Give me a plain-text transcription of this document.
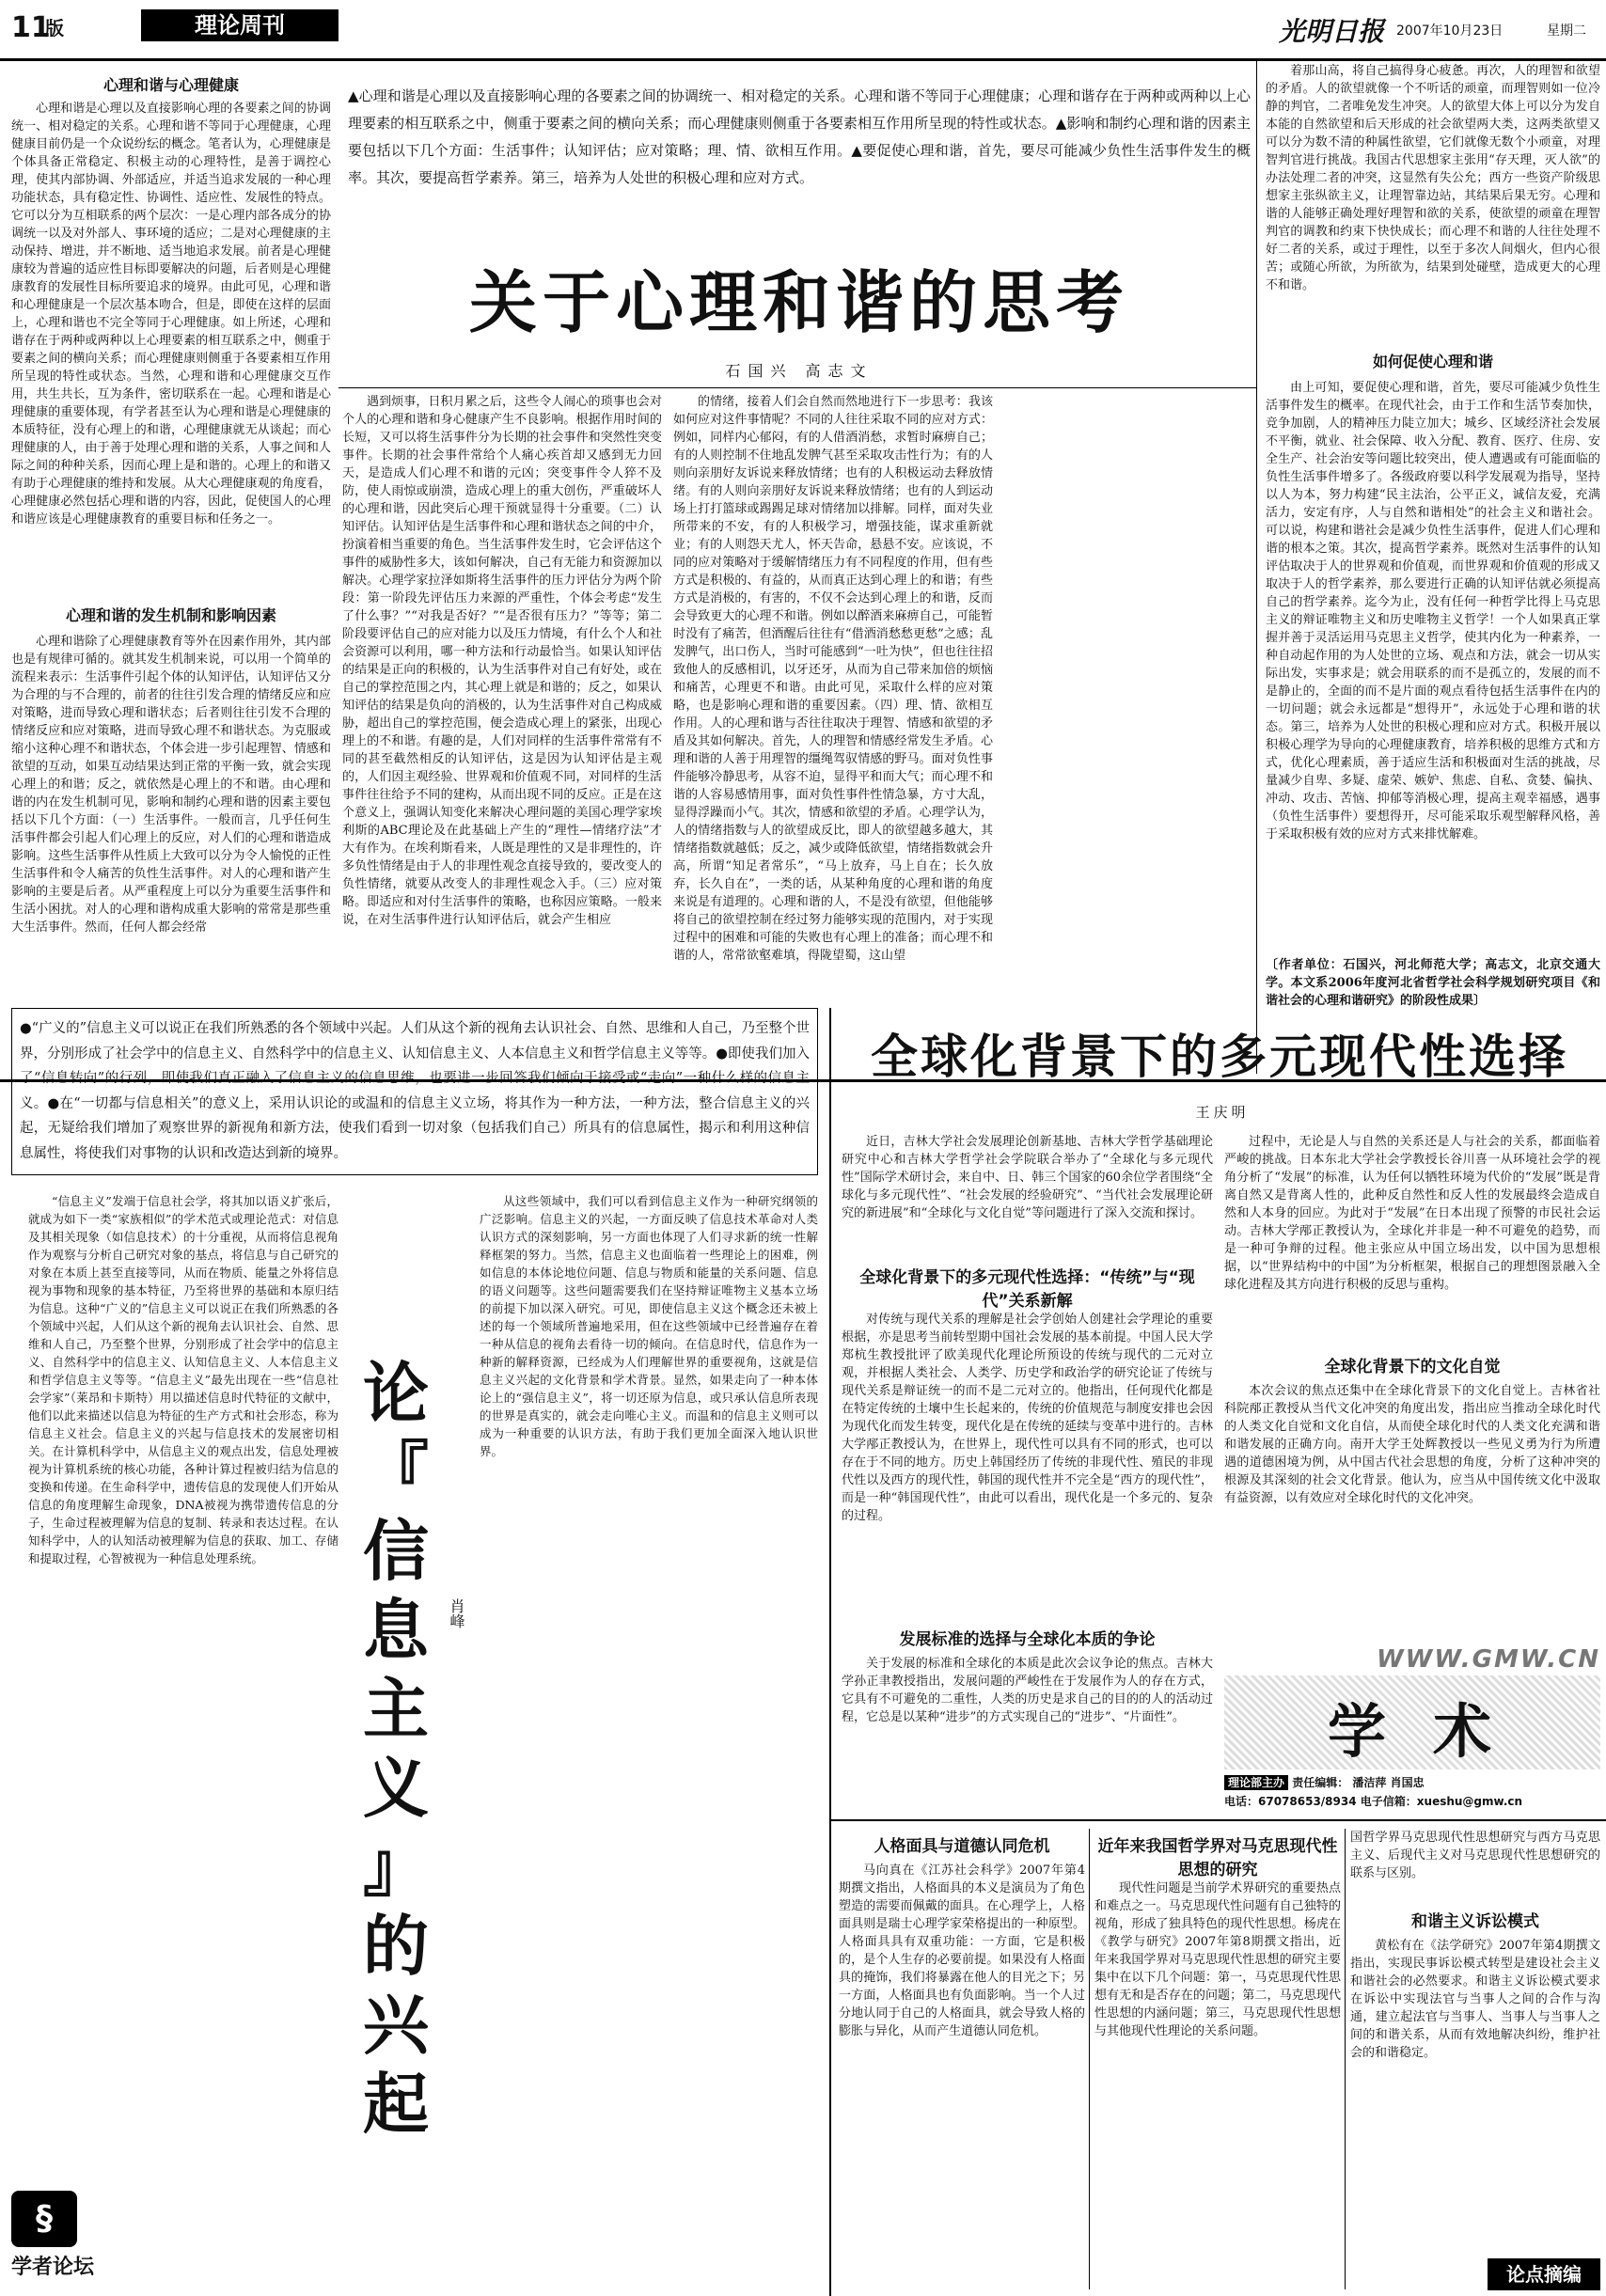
11
版	理论周刊	光明日报 2007年10月23日	星期二
心理和谐与心理健康
▲心理和谐是心理以及直接影响心理的各要素之间的协调统一、相对稳定的关系。心理和谐不等同于心理健康；心理和谐存在于两种或两种以上心理要素的相互联系之中，侧重于要素之间的横向关系；而心理健康则侧重于各要素相互作用所呈现的特性或状态。▲影响和制约心理和谐的因素主要包括以下几个方面：生活事件；认知评估；应对策略；理、情、欲相互作用。▲要促使心理和谐，首先，要尽可能减少负性生活事件发生的概率。其次，要提高哲学素养。第三，培养为人处世的积极心理和应对方式。
关于心理和谐的思考
石国兴 高志文

心理和谐是心理以及直接影响心理的各要素之间的协调统一、相对稳定的关系。心理和谐不等同于心理健康，心理健康目前仍是一个众说纷纭的概念。笔者认为，心理健康是个体具备正常稳定、积极主动的心理特性，是善于调控心理，使其内部协调、外部适应，并适当追求发展的一种心理功能状态，具有稳定性、协调性、适应性、发展性的特点。它可以分为互相联系的两个层次：一是心理内部各成分的协调统一以及对外部人、事环境的适应；二是对心理健康的主动保持、增进，并不断地、适当地追求发展。前者是心理健康较为普遍的适应性目标即要解决的问题，后者则是心理健康教育的发展性目标所要追求的境界。由此可见，心理和谐和心理健康是一个层次基本吻合，但是，即使在这样的层面上，心理和谐也不完全等同于心理健康。如上所述，心理和谐存在于两种或两种以上心理要素的相互联系之中，侧重于要素之间的横向关系；而心理健康则侧重于各要素相互作用所呈现的特性或状态。当然，心理和谐和心理健康交互作用，共生共长，互为条件，密切联系在一起。心理和谐是心理健康的重要体现，有学者甚至认为心理和谐是心理健康的本质特征，没有心理上的和谐，心理健康就无从谈起；而心理健康的人，由于善于处理心理和谐的关系，人事之间和人际之间的种种关系，因而心理上是和谐的。心理上的和谐又有助于心理健康的维持和发展。从大心理健康观的角度看，心理健康必然包括心理和谐的内容，因此，促使国人的心理和谐应该是心理健康教育的重要目标和任务之一。

心理和谐的发生机制和影响因素

心理和谐除了心理健康教育等外在因素作用外，其内部也是有规律可循的。就其发生机制来说，可以用一个简单的流程来表示：生活事件引起个体的认知评估，认知评估又分为合理的与不合理的，前者的往往引发合理的情绪反应和应对策略，进而导致心理和谐状态；后者则往往引发不合理的情绪反应和应对策略，进而导致心理不和谐状态。为克服或缩小这种心理不和谐状态，个体会进一步引起理智、情感和欲望的互动，如果互动结果达到正常的平衡一致，就会实现心理上的和谐；反之，就依然是心理上的不和谐。由心理和谐的内在发生机制可见，影响和制约心理和谐的因素主要包括以下几个方面：（一）生活事件。一般而言，几乎任何生活事件都会引起人们心理上的反应，对人们的心理和谐造成影响。这些生活事件从性质上大致可以分为令人愉悦的正性生活事件和令人痛苦的负性生活事件。对人的心理和谐产生影响的主要是后者。从严重程度上可以分为重要生活事件和生活小困扰。对人的心理和谐构成重大影响的常常是那些重大生活事件。然而，任何人都会经常

遇到烦事，日积月累之后，这些令人闹心的琐事也会对个人的心理和谐和身心健康产生不良影响。根据作用时间的长短，又可以将生活事件分为长期的社会事件和突然性突变事件。长期的社会事件常给个人痛心疾首却又感到无力回天，是造成人们心理不和谐的元凶；突变事件令人猝不及防，使人雨惊或崩溃，造成心理上的重大创伤，严重破坏人的心理和谐，因此突后心理干预就显得十分重要。（二）认知评估。认知评估是生活事件和心理和谐状态之间的中介，扮演着相当重要的角色。当生活事件发生时，它会评估这个事件的威胁性多大，该如何解决，自己有无能力和资源加以解决。心理学家拉泽如斯将生活事件的压力评估分为两个阶段：第一阶段先评估压力来源的严重性，个体会考虑“发生了什么事？”“对我是否好？”“是否很有压力？”等等；第二阶段要评估自己的应对能力以及压力情境，有什么个人和社会资源可以利用，哪一种方法和行动最恰当。如果认知评估的结果是正向的积极的，认为生活事件对自己有好处，或在自己的掌控范围之内，其心理上就是和谐的；反之，如果认知评估的结果是负向的消极的，认为生活事件对自己构成威胁，超出自己的掌控范围，便会造成心理上的紧张，出现心理上的不和谐。有趣的是，人们对同样的生活事件常常有不同的甚至截然相反的认知评估，这是因为认知评估是主观的，人们因主观经验、世界观和价值观不同，对同样的生活事件往往给予不同的建构，从而出现不同的反应。正是在这个意义上，强调认知变化来解决心理问题的美国心理学家埃利斯的ABC理论及在此基础上产生的“理性—情绪疗法”才大有作为。在埃利斯看来，人既是理性的又是非理性的，许多负性情绪是由于人的非理性观念直接导致的，要改变人的负性情绪，就要从改变人的非理性观念入手。（三）应对策略。即适应和对付生活事件的策略，也称因应策略。一般来说，在对生活事件进行认知评估后，就会产生相应
的情绪，接着人们会自然而然地进行下一步思考：我该如何应对这件事情呢？不同的人往往采取不同的应对方式：例如，同样内心郁闷，有的人借酒消愁，求暂时麻痹自己；有的人则控制不住地乱发脾气甚至采取攻击性行为；有的人则向亲朋好友诉说来释放情绪；也有的人积极运动去释放情绪。有的人则向亲朋好友诉说来释放情绪；也有的人到运动场上打打篮球或踢踢足球对情绪加以排解。同样，面对失业所带来的不安，有的人积极学习，增强技能，谋求重新就业；有的人则怨天尤人，怀天告命，悬悬不安。应该说，不同的应对策略对于缓解情绪压力有不同程度的作用，但有些方式是积极的、有益的，从而真正达到心理上的和谐；有些方式是消极的，有害的，不仅不会达到心理上的和谐，反而会导致更大的心理不和谐。例如以醉酒来麻痹自己，可能暂时没有了痛苦，但酒醒后往往有“借酒消愁愁更愁”之感；乱发脾气，出口伤人，当时可能感到“一吐为快”，但也往往招致他人的反感相讥，以牙还牙，从而为自己带来加倍的烦恼和痛苦，心理更不和谐。由此可见，采取什么样的应对策略，也是影响心理和谐的重要因素。（四）理、情、欲相互作用。人的心理和谐与否往往取决于理智、情感和欲望的矛盾及其如何解决。首先，人的理智和情感经常发生矛盾。心理和谐的人善于用理智的缰绳驾驭情感的野马。面对负性事件能够冷静思考，从容不迫，显得平和而大气；而心理不和谐的人容易感情用事，面对负性事件性情急暴，方寸大乱，显得浮躁而小气。其次，情感和欲望的矛盾。心理学认为，人的情绪指数与人的欲望成反比，即人的欲望越多越大，其情绪指数就越低；反之，减少或降低欲望，情绪指数就会升高，所谓“知足者常乐”，“马上放弃，马上自在；长久放弃，长久自在”，一类的话，从某种角度的心理和谐的角度来说是有道理的。心理和谐的人，不是没有欲望，但他能够将自己的欲望控制在经过努力能够实现的范围内，对于实现过程中的困难和可能的失败也有心理上的准备；而心理不和谐的人，常常欲壑难填，得陇望蜀，这山望

着那山高，将自己搞得身心疲惫。再次，人的理智和欲望的矛盾。人的欲望就像一个不听话的顽童，而理智则如一位冷静的判官，二者唯免发生冲突。人的欲望大体上可以分为发自本能的自然欲望和后天形成的社会欲望两大类，这两类欲望又可以分为数不清的种属性欲望，它们就像无数个小顽童，对理智判官进行挑战。我国古代思想家主张用“存天理，灭人欲”的办法处理二者的冲突，这显然有失公允；西方一些资产阶级思想家主张纵欲主义，让理智靠边站，其结果后果无穷。心理和谐的人能够正确处理好理智和欲的关系，使欲望的顽童在理智判官的调教和约束下快快成长；而心理不和谐的人往往处理不好二者的关系，或过于理性，以至于多次人间烟火，但内心很苦；或随心所欲，为所欲为，结果到处碰壁，造成更大的心理不和谐。

如何促使心理和谐

由上可知，要促使心理和谐，首先，要尽可能减少负性生活事件发生的概率。在现代社会，由于工作和生活节奏加快，竞争加剧，人的精神压力陡立加大；城乡、区域经济社会发展不平衡，就业、社会保障、收入分配、教育、医疗、住房、安全生产、社会治安等问题比较突出，使人遭遇或有可能面临的负性生活事件增多了。各级政府要以科学发展观为指导，坚持以人为本，努力构建“民主法治，公平正义，诚信友爱，充满活力，安定有序，人与自然和谐相处”的社会主义和谐社会。可以说，构建和谐社会是减少负性生活事件，促进人们心理和谐的根本之策。其次，提高哲学素养。既然对生活事件的认知评估取决于人的世界观和价值观，而世界观和价值观的形成又取决于人的哲学素养，那么要进行正确的认知评估就必须提高自己的哲学素养。迄今为止，没有任何一种哲学比得上马克思主义的辩证唯物主义和历史唯物主义哲学！一个人如果真正掌握并善于灵活运用马克思主义哲学，使其内化为一种素养，一种自动起作用的为人处世的立场、观点和方法，就会一切从实际出发，实事求是；就会用联系的而不是孤立的，发展的而不是静止的，全面的而不是片面的观点看待包括生活事件在内的一切问题；就会永远都是“想得开”，永远处于心理和谐的状态。第三，培养为人处世的积极心理和应对方式。积极开展以积极心理学为导向的心理健康教育，培养积极的思维方式和方式，优化心理素质，善于适应生活和积极面对生活的挑战，尽量减少自卑、多疑、虚荣、嫉妒、焦虑、自私、贪婪、偏执、冲动、攻击、苦恼、抑郁等消极心理，提高主观幸福感，遇事（负性生活事件）要想得开，尽可能采取乐观型解释风格，善于采取积极有效的应对方式来排忧解难。

〔作者单位：石国兴，河北师范大学；高志文，北京交通大学。本文系2006年度河北省哲学社会科学规划研究项目《和谐社会的心理和谐研究》的阶段性成果〕

●“广义的”信息主义可以说正在我们所熟悉的各个领域中兴起。人们从这个新的视角去认识社会、自然、思维和人自己，乃至整个世界，分别形成了社会学中的信息主义、自然科学中的信息主义、认知信息主义、人本信息主义和哲学信息主义等等。●即使我们加入了“信息转向”的行列，即使我们真正融入了信息主义的信息思维，也要进一步回答我们倾向于接受或“走向”一种什么样的信息主义。●在“一切都与信息相关”的意义上，采用认识论的或温和的信息主义立场，将其作为一种方法，一种方法，整合信息主义的兴起，无疑给我们增加了观察世界的新视角和新方法，使我们看到一切对象（包括我们自己）所具有的信息属性，揭示和利用这种信息属性，将使我们对事物的认识和改造达到新的境界。
“信息主义”发端于信息社会学，将其加以语义扩张后，就成为如下一类“家族相似”的学术范式或理论范式：对信息及其相关现象（如信息技术）的十分重视，从而将信息视角作为观察与分析自己研究对象的基点，将信息与自己研究的对象在本质上甚至直接等同，从而在物质、能量之外将信息视为事物和现象的基本特征，乃至将世界的基础和本原归结为信息。这种“广义的”信息主义可以说正在我们所熟悉的各个领域中兴起，人们从这个新的视角去认识社会、自然、思维和人自己，乃至整个世界，分别形成了社会学中的信息主义、自然科学中的信息主义、认知信息主义、人本信息主义和哲学信息主义等等。“信息主义”最先出现在一些“信息社会学家”（莱昂和卡斯特）用以描述信息时代特征的文献中，他们以此来描述以信息为特征的生产方式和社会形态，称为信息主义社会。信息主义的兴起与信息技术的发展密切相关。在计算机科学中，从信息主义的观点出发，信息处理被视为计算机系统的核心功能，各种计算过程被归结为信息的变换和传递。在生命科学中，遗传信息的发现使人们开始从信息的角度理解生命现象，DNA被视为携带遗传信息的分子，生命过程被理解为信息的复制、转录和表达过程。在认知科学中，人的认知活动被理解为信息的获取、加工、存储和提取过程，心智被视为一种信息处理系统。
论
『
信
息
主
义
』
的
兴
起
肖峰
从这些领域中，我们可以看到信息主义作为一种研究纲领的广泛影响。信息主义的兴起，一方面反映了信息技术革命对人类认识方式的深刻影响，另一方面也体现了人们寻求新的统一性解释框架的努力。当然，信息主义也面临着一些理论上的困难，例如信息的本体论地位问题、信息与物质和能量的关系问题、信息的语义问题等。这些问题需要我们在坚持辩证唯物主义基本立场的前提下加以深入研究。可见，即使信息主义这个概念还未被上述的每一个领域所普遍地采用，但在这些领域中已经普遍存在着一种从信息的视角去看待一切的倾向。在信息时代，信息作为一种新的解释资源，已经成为人们理解世界的重要视角，这就是信息主义兴起的文化背景和学术背景。显然，如果走向了一种本体论上的“强信息主义”，将一切还原为信息，或只承认信息所表现的世界是真实的，就会走向唯心主义。而温和的信息主义则可以成为一种重要的认识方法，有助于我们更加全面深入地认识世界。
§
学者论坛
全球化背景下的多元现代性选择
王庆明

近日，吉林大学社会发展理论创新基地、吉林大学哲学基础理论研究中心和吉林大学哲学社会学院联合举办了“全球化与多元现代性”国际学术研讨会，来自中、日、韩三个国家的60余位学者围绕“全球化与多元现代性”、“社会发展的经验研究”、“当代社会发展理论研究的新进展”和“全球化与文化自觉”等问题进行了深入交流和探讨。

全球化背景下的多元现代性选择：“传统”与“现代”关系新解

对传统与现代关系的理解是社会学创始人创建社会学理论的重要根据，亦是思考当前转型期中国社会发展的基本前提。中国人民大学郑杭生教授批评了欧美现代化理论所预设的传统与现代的二元对立观，并根据人类社会、人类学、历史学和政治学的研究论证了传统与现代关系是辩证统一的而不是二元对立的。他指出，任何现代化都是在特定传统的土壤中生长起来的，传统的价值规范与制度安排也会因为现代化而发生转变，现代化是在传统的延续与变革中进行的。吉林大学邴正教授认为，在世界上，现代性可以具有不同的形式，也可以存在于不同的地方。历史上韩国经历了传统的非现代性、殖民的非现代性以及西方的现代性，韩国的现代性并不完全是“西方的现代性”，而是一种“韩国现代性”，由此可以看出，现代化是一个多元的、复杂的过程。

发展标准的选择与全球化本质的争论

关于发展的标准和全球化的本质是此次会议争论的焦点。吉林大学孙正聿教授指出，发展问题的严峻性在于发展作为人的存在方式，它具有不可避免的二重性，人类的历史是求自己的目的的人的活动过程，它总是以某种“进步”的方式实现自己的“进步”、“片面性”。

过程中，无论是人与自然的关系还是人与社会的关系，都面临着严峻的挑战。日本东北大学社会学教授长谷川喜一从环境社会学的视角分析了“发展”的标准，认为任何以牺牲环境为代价的“发展”既是背离自然又是背离人性的，此种反自然性和反人性的发展最终会造成自然和人本身的回应。为此对于“发展”在日本出现了预警的市民社会运动。吉林大学邴正教授认为，全球化并非是一种不可避免的趋势，而是一种可争辩的过程。他主张应从中国立场出发，以中国为思想根据，以“世界结构中的中国”为分析框架，根据自己的理想图景融入全球化进程及其方向进行积极的反思与重构。

全球化背景下的文化自觉

本次会议的焦点还集中在全球化背景下的文化自觉上。吉林省社科院邴正教授从当代文化冲突的角度出发，指出应当推动全球化时代的人类文化自觉和文化自信，从而使全球化时代的人类文化充满和谐和谐发展的正确方向。南开大学王处辉教授以一些见义勇为行为所遭遇的道德困境为例，从中国古代社会思想的角度，分析了这种冲突的根源及其深刻的社会文化背景。他认为，应当从中国传统文化中汲取有益资源，以有效应对全球化时代的文化冲突。

WWW.GMW.CN
学术
理论部主办 责任编辑： 潘洁萍 肖国忠
电话：67078653/8934 电子信箱：xueshu@gmw.cn
人格面具与道德认同危机

马向真在《江苏社会科学》2007年第4期撰文指出，人格面具的本义是演员为了角色塑造的需要而佩戴的面具。在心理学上，人格面具则是瑞士心理学家荣格提出的一种原型。人格面具具有双重功能：一方面，它是积极的，是个人生存的必要前提。如果没有人格面具的掩饰，我们将暴露在他人的目光之下；另一方面，人格面具也有负面影响。当一个人过分地认同于自己的人格面具，就会导致人格的膨胀与异化，从而产生道德认同危机。

近年来我国哲学界对马克思现代性思想的研究

现代性问题是当前学术界研究的重要热点和难点之一。马克思现代性问题有自己独特的视角，形成了独具特色的现代性思想。杨虎在《教学与研究》2007年第8期撰文指出，近年来我国学界对马克思现代性思想的研究主要集中在以下几个问题：第一，马克思现代性思想有无和是否存在的问题；第二，马克思现代性思想的内涵问题；第三，马克思现代性思想与其他现代性理论的关系问题。

国哲学界马克思现代性思想研究与西方马克思主义、后现代主义对马克思现代性思想研究的联系与区别。

和谐主义诉讼模式

黄松有在《法学研究》2007年第4期撰文指出，实现民事诉讼模式转型是建设社会主义和谐社会的必然要求。和谐主义诉讼模式要求在诉讼中实现法官与当事人之间的合作与沟通，建立起法官与当事人、当事人与当事人之间的和谐关系，从而有效地解决纠纷，维护社会的和谐稳定。

论点摘编
